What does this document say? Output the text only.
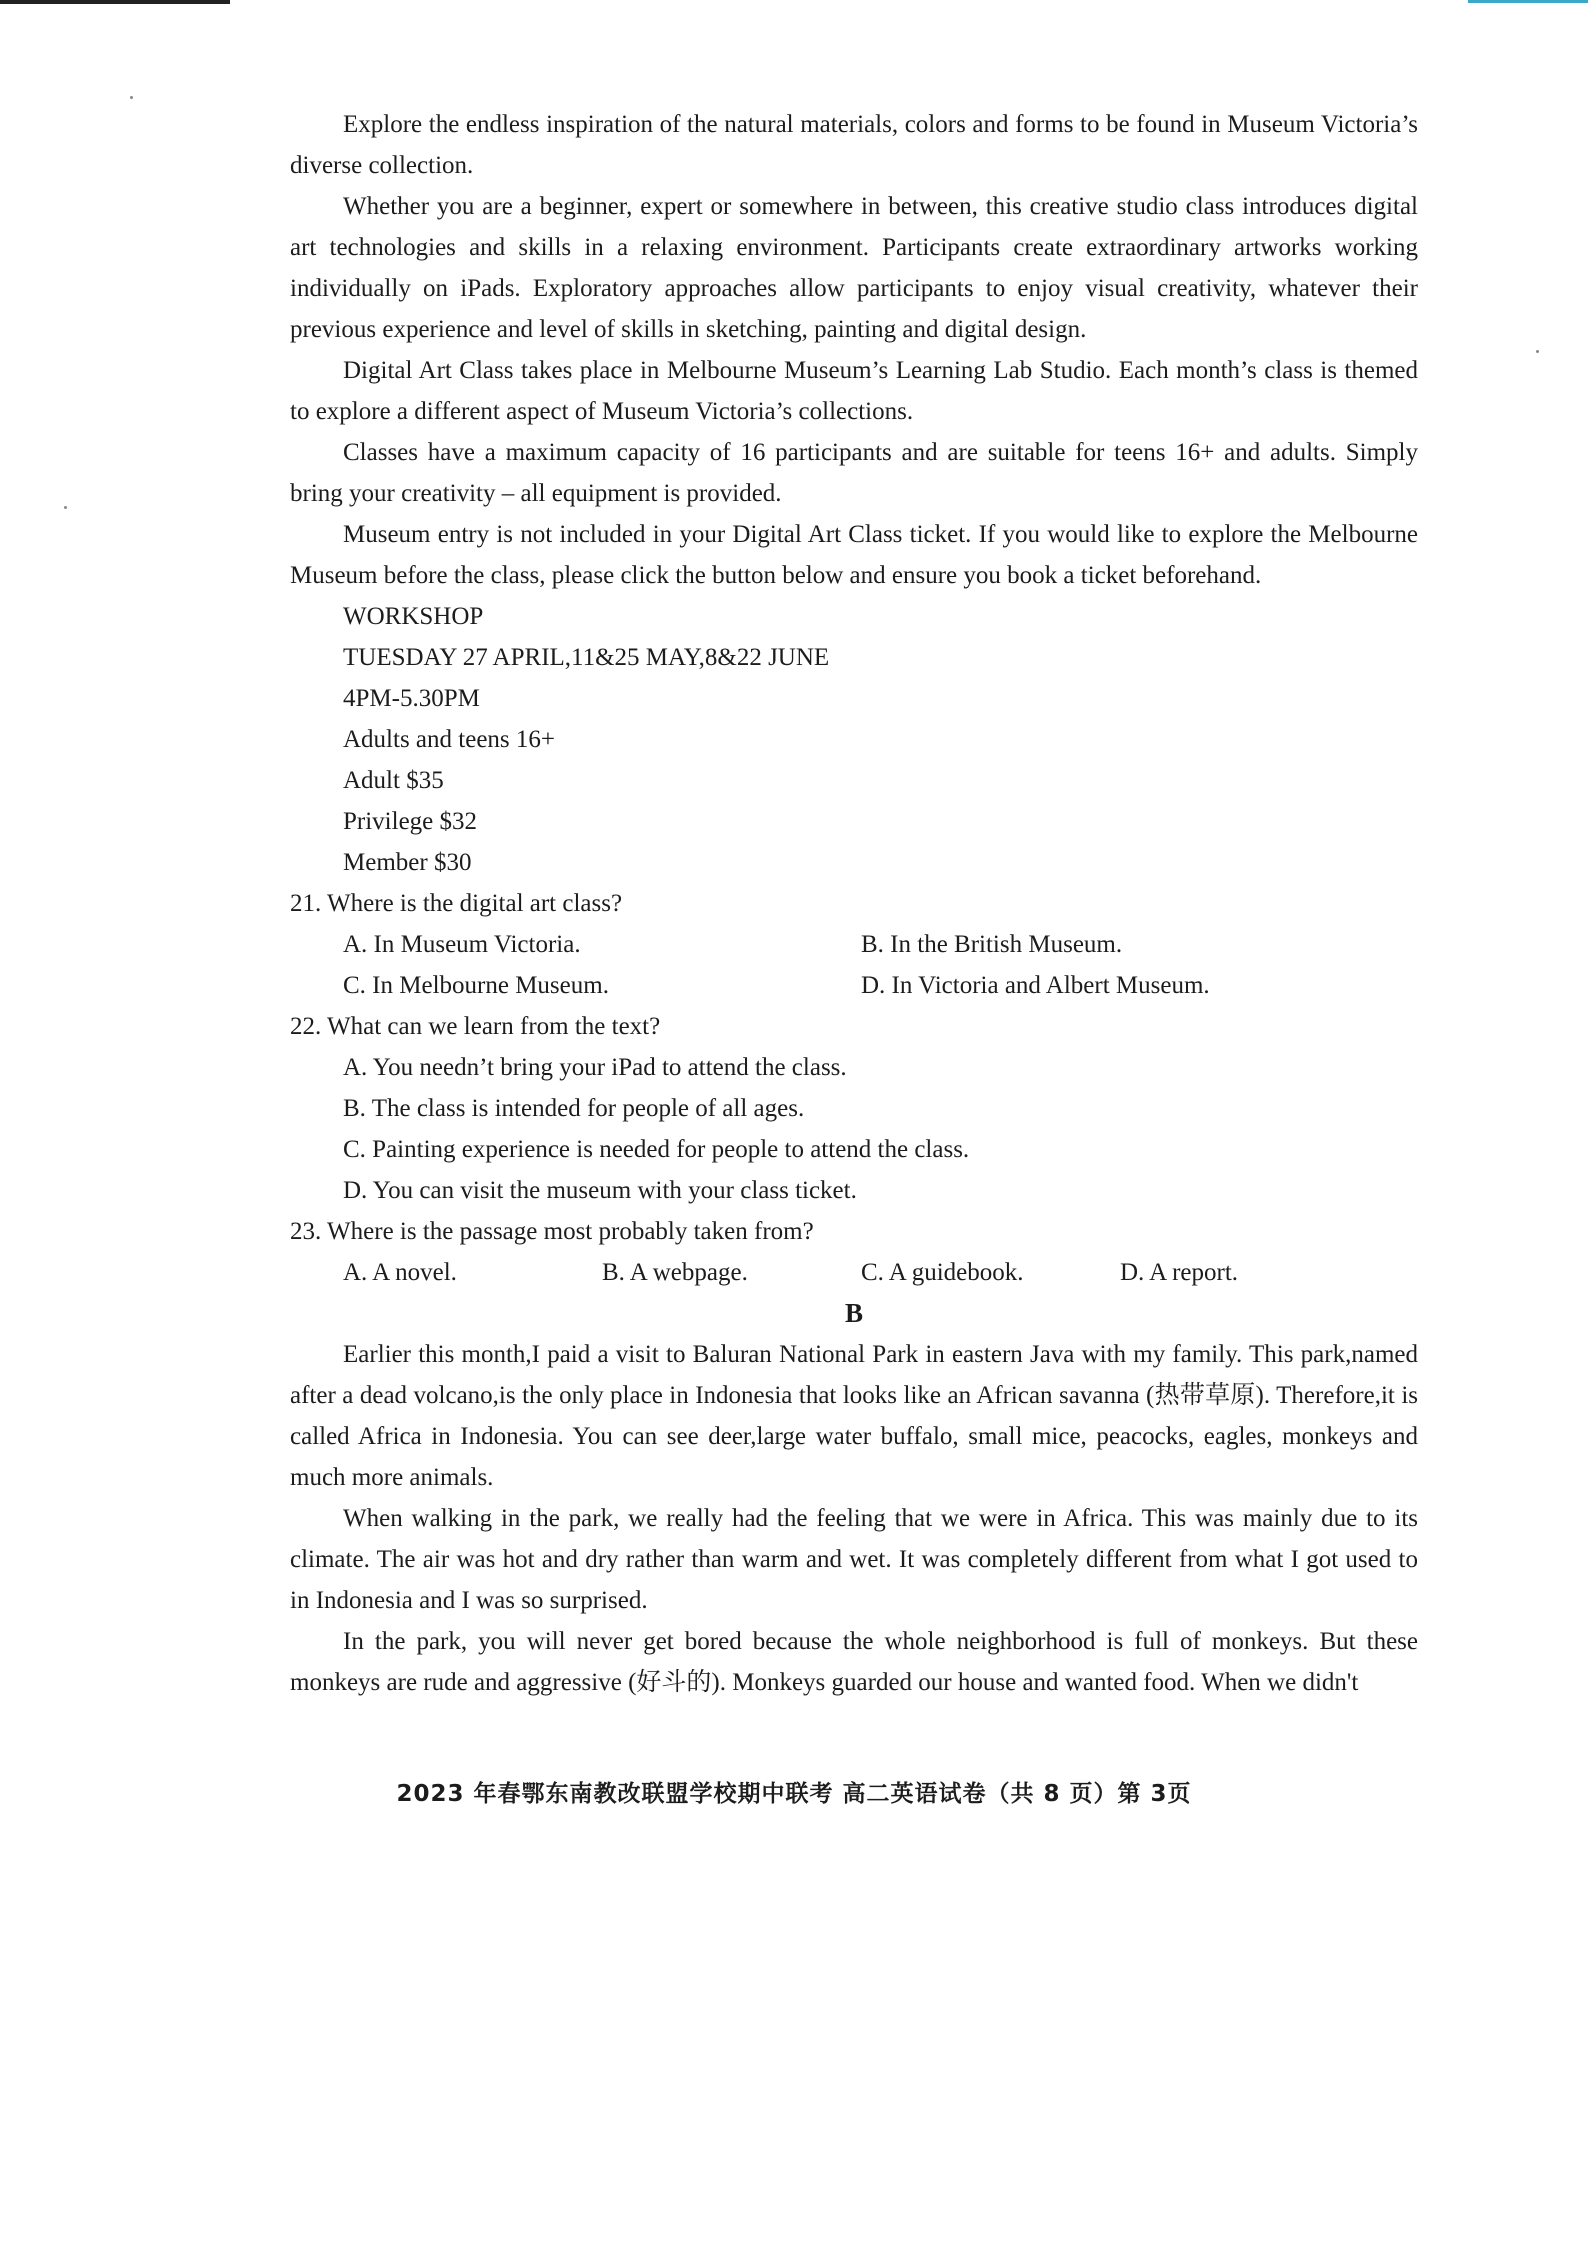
Explore the endless inspiration of the natural materials, colors and forms to be found in Museum Victoria’s diverse collection.

Whether you are a beginner, expert or somewhere in between, this creative studio class introduces digital art technologies and skills in a relaxing environment. Participants create extraordinary artworks working individually on iPads. Exploratory approaches allow participants to enjoy visual creativity, whatever their previous experience and level of skills in sketching, painting and digital design.

Digital Art Class takes place in Melbourne Museum’s Learning Lab Studio. Each month’s class is themed to explore a different aspect of Museum Victoria’s collections.

Classes have a maximum capacity of 16 participants and are suitable for teens 16+ and adults. Simply bring your creativity – all equipment is provided.

Museum entry is not included in your Digital Art Class ticket. If you would like to explore the Melbourne Museum before the class, please click the button below and ensure you book a ticket beforehand.

WORKSHOP
TUESDAY 27 APRIL,11&25 MAY,8&22 JUNE
4PM-5.30PM
Adults and teens 16+
Adult $35
Privilege $32
Member $30
21. Where is the digital art class?
A. In Museum Victoria.	B. In the British Museum.
C. In Melbourne Museum.	D. In Victoria and Albert Museum.
22. What can we learn from the text?
A. You needn’t bring your iPad to attend the class.
B. The class is intended for people of all ages.
C. Painting experience is needed for people to attend the class.
D. You can visit the museum with your class ticket.
23. Where is the passage most probably taken from?
A. A novel.	B. A webpage.	C. A guidebook.	D. A report.
B

Earlier this month,I paid a visit to Baluran National Park in eastern Java with my family. This park,named after a dead volcano,is the only place in Indonesia that looks like an African savanna (热带草原). Therefore,it is called Africa in Indonesia. You can see deer,large water buffalo, small mice, peacocks, eagles, monkeys and much more animals.

When walking in the park, we really had the feeling that we were in Africa. This was mainly due to its climate. The air was hot and dry rather than warm and wet. It was completely different from what I got used to in Indonesia and I was so surprised.

In the park, you will never get bored because the whole neighborhood is full of monkeys. But these monkeys are rude and aggressive (好斗的). Monkeys guarded our house and wanted food. When we didn't

2023 年春鄂东南教改联盟学校期中联考 高二英语试卷（共 8 页）第 3页
